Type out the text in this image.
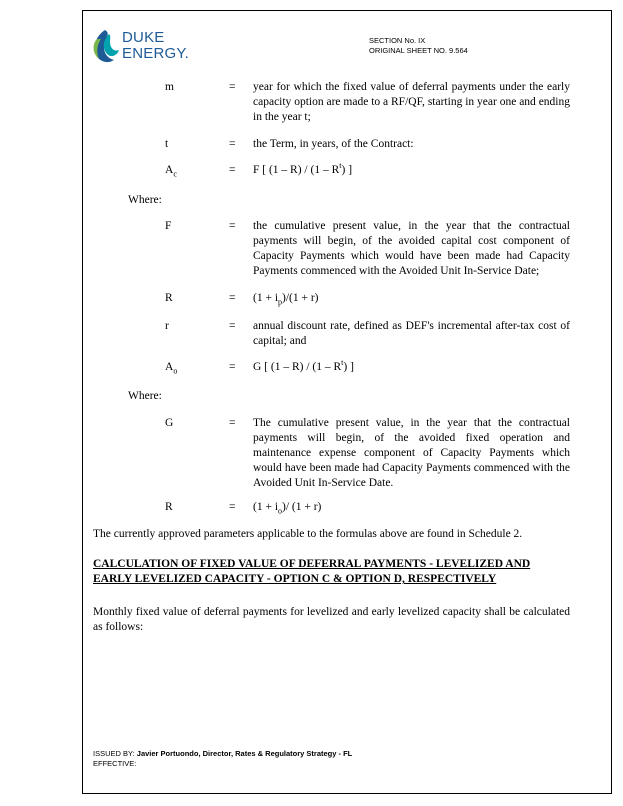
DUKE
ENERGY.
SECTION No. IX
ORIGINAL SHEET NO. 9.564
m	= year for which the fixed value of deferral payments under the early capacity option are made to a RF/QF, starting in year one and ending in the year t;
t	= the Term, in years, of the Contract:
$A_c$	= F [ $(1 - R) / (1 - R^t)$ ]
Where:
F	= the cumulative present value, in the year that the contractual payments will begin, of the avoided capital cost component of Capacity Payments which would have been made had Capacity Payments commenced with the Avoided Unit In-Service Date;
R	= $(1 + i_p)/(1 + r)$
r	= annual discount rate, defined as DEF's incremental after-tax cost of capital; and
$A_o$	= G [ $(1 - R) / (1 - R^t)$ ]
Where:
G	= The cumulative present value, in the year that the contractual payments will begin, of the avoided fixed operation and maintenance expense component of Capacity Payments which would have been made had Capacity Payments commenced with the Avoided Unit In-Service Date.
R	= $(1 + i_o)/$ (1 + r)
The currently approved parameters applicable to the formulas above are found in Schedule 2.
CALCULATION OF FIXED VALUE OF DEFERRAL PAYMENTS - LEVELIZED AND EARLY LEVELIZED CAPACITY - OPTION C & OPTION D, RESPECTIVELY
Monthly fixed value of deferral payments for levelized and early levelized capacity shall be calculated as follows:
ISSUED BY: Javier Portuondo, Director, Rates & Regulatory Strategy - FL
EFFECTIVE:
